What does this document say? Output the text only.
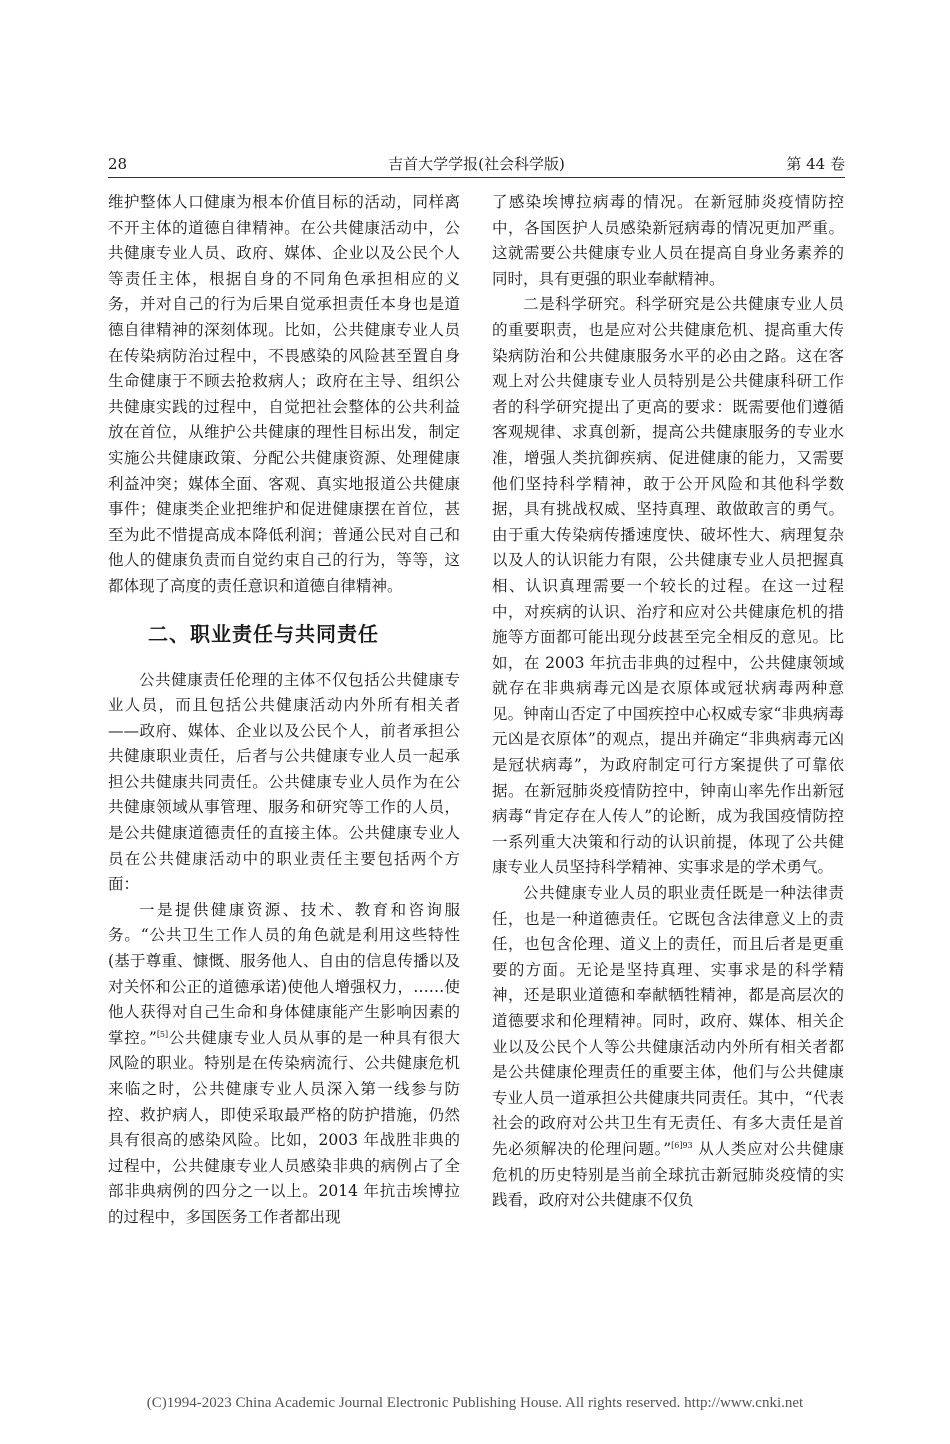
28	吉首大学学报(社会科学版)	第 44 卷

维护整体人口健康为根本价值目标的活动，同样离不开主体的道德自律精神。在公共健康活动中，公共健康专业人员、政府、媒体、企业以及公民个人等责任主体，根据自身的不同角色承担相应的义务，并对自己的行为后果自觉承担责任本身也是道德自律精神的深刻体现。比如，公共健康专业人员在传染病防治过程中，不畏感染的风险甚至置自身生命健康于不顾去抢救病人；政府在主导、组织公共健康实践的过程中，自觉把社会整体的公共利益放在首位，从维护公共健康的理性目标出发，制定实施公共健康政策、分配公共健康资源、处理健康利益冲突；媒体全面、客观、真实地报道公共健康事件；健康类企业把维护和促进健康摆在首位，甚至为此不惜提高成本降低利润；普通公民对自己和他人的健康负责而自觉约束自己的行为，等等，这都体现了高度的责任意识和道德自律精神。

二、职业责任与共同责任

公共健康责任伦理的主体不仅包括公共健康专业人员，而且包括公共健康活动内外所有相关者——政府、媒体、企业以及公民个人，前者承担公共健康职业责任，后者与公共健康专业人员一起承担公共健康共同责任。公共健康专业人员作为在公共健康领域从事管理、服务和研究等工作的人员，是公共健康道德责任的直接主体。公共健康专业人员在公共健康活动中的职业责任主要包括两个方面：

一是提供健康资源、技术、教育和咨询服务。“公共卫生工作人员的角色就是利用这些特性(基于尊重、慷慨、服务他人、自由的信息传播以及对关怀和公正的道德承诺)使他人增强权力，……使他人获得对自己生命和身体健康能产生影响因素的掌控。”[5]公共健康专业人员从事的是一种具有很大风险的职业。特别是在传染病流行、公共健康危机来临之时，公共健康专业人员深入第一线参与防控、救护病人，即使采取最严格的防护措施，仍然具有很高的感染风险。比如，2003 年战胜非典的过程中，公共健康专业人员感染非典的病例占了全部非典病例的四分之一以上。2014 年抗击埃博拉的过程中，多国医务工作者都出现

了感染埃博拉病毒的情况。在新冠肺炎疫情防控中，各国医护人员感染新冠病毒的情况更加严重。这就需要公共健康专业人员在提高自身业务素养的同时，具有更强的职业奉献精神。

二是科学研究。科学研究是公共健康专业人员的重要职责，也是应对公共健康危机、提高重大传染病防治和公共健康服务水平的必由之路。这在客观上对公共健康专业人员特别是公共健康科研工作者的科学研究提出了更高的要求：既需要他们遵循客观规律、求真创新，提高公共健康服务的专业水准，增强人类抗御疾病、促进健康的能力，又需要他们坚持科学精神，敢于公开风险和其他科学数据，具有挑战权威、坚持真理、敢做敢言的勇气。由于重大传染病传播速度快、破坏性大、病理复杂以及人的认识能力有限，公共健康专业人员把握真相、认识真理需要一个较长的过程。在这一过程中，对疾病的认识、治疗和应对公共健康危机的措施等方面都可能出现分歧甚至完全相反的意见。比如，在 2003 年抗击非典的过程中，公共健康领域就存在非典病毒元凶是衣原体或冠状病毒两种意见。钟南山否定了中国疾控中心权威专家“非典病毒元凶是衣原体”的观点，提出并确定“非典病毒元凶是冠状病毒”，为政府制定可行方案提供了可靠依据。在新冠肺炎疫情防控中，钟南山率先作出新冠病毒“肯定存在人传人”的论断，成为我国疫情防控一系列重大决策和行动的认识前提，体现了公共健康专业人员坚持科学精神、实事求是的学术勇气。

公共健康专业人员的职业责任既是一种法律责任，也是一种道德责任。它既包含法律意义上的责任，也包含伦理、道义上的责任，而且后者是更重要的方面。无论是坚持真理、实事求是的科学精神，还是职业道德和奉献牺牲精神，都是高层次的道德要求和伦理精神。同时，政府、媒体、相关企业以及公民个人等公共健康活动内外所有相关者都是公共健康伦理责任的重要主体，他们与公共健康专业人员一道承担公共健康共同责任。其中，“代表社会的政府对公共卫生有无责任、有多大责任是首先必须解决的伦理问题。”$^{[6]93}$ 从人类应对公共健康危机的历史特别是当前全球抗击新冠肺炎疫情的实践看，政府对公共健康不仅负

(C)1994-2023 China Academic Journal Electronic Publishing House. All rights reserved. http://www.cnki.net
